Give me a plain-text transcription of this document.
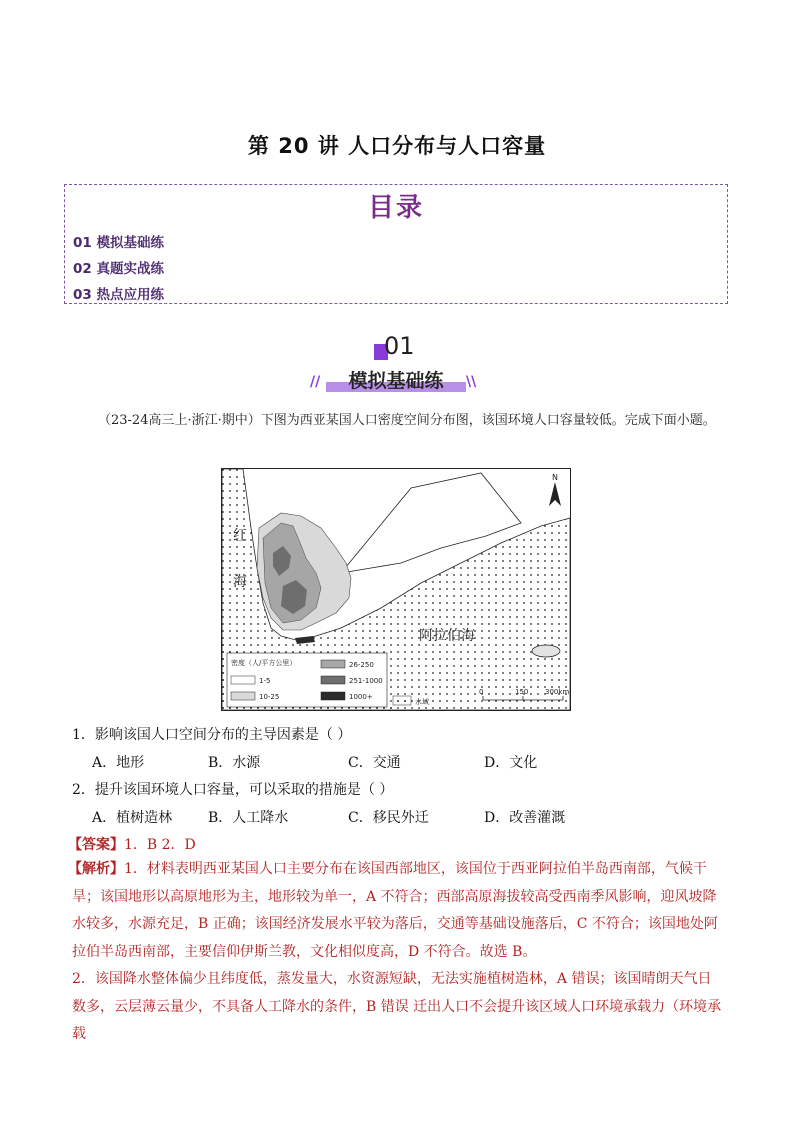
第 20 讲 人口分布与人口容量
目录
01 模拟基础练
02 真题实战练
03 热点应用练
01
//	模拟基础练	\\
（23-24高三上·浙江·期中）下图为西亚某国人口密度空间分布图，该国环境人口容量较低。完成下面小题。
红
海
阿拉伯海
N
密度（人/平方公里）
1-5
10-25
26-250
251-1000
1000+
水域
0	150 300km
1．影响该国人口空间分布的主导因素是（ ）
A．地形	B．水源	C．交通	D．文化
2．提升该国环境人口容量，可以采取的措施是（ ）
A．植树造林	B．人工降水	C．移民外迁	D．改善灌溉
【答案】1．B 2．D
【解析】1．材料表明西亚某国人口主要分布在该国西部地区，该国位于西亚阿拉伯半岛西南部，气候干旱；该国地形以高原地形为主，地形较为单一，A 不符合；西部高原海拔较高受西南季风影响，迎风坡降水较多，水源充足，B 正确；该国经济发展水平较为落后，交通等基础设施落后，C 不符合；该国地处阿拉伯半岛西南部，主要信仰伊斯兰教，文化相似度高，D 不符合。故选 B。
2．该国降水整体偏少且纬度低，蒸发量大，水资源短缺，无法实施植树造林，A 错误；该国晴朗天气日数多，云层薄云量少，不具备人工降水的条件，B 错误 迁出人口不会提升该区域人口环境承载力（环境承载
